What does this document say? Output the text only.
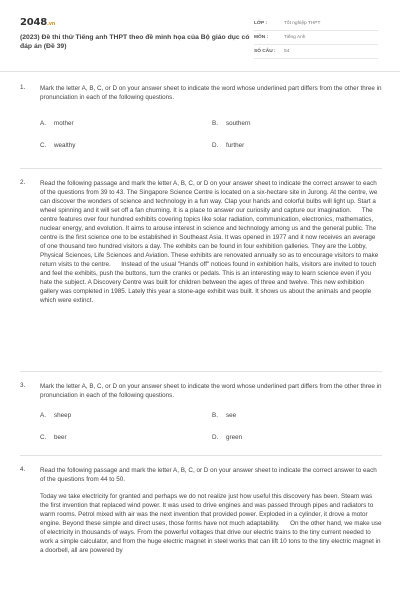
2048.vn
(2023) Đề thi thử Tiếng anh THPT theo đề minh họa của Bộ giáo dục có đáp án (Đề 39)
LỚP :	Tốt nghiệp THPT
MÔN :	Tiếng Anh
SỐ CÂU :	54
1. Mark the letter A, B, C, or D on your answer sheet to indicate the word whose underlined part differs from the other three in pronunciation in each of the following questions.
A.	mother	B.	southern
C.	wealthy	D.	further
2. Read the following passage and mark the letter A, B, C, or D on your answer sheet to indicate the correct answer to each of the questions from 39 to 43. The Singapore Science Centre is located on a six-hectare site in Jurong. At the centre, we can discover the wonders of science and technology in a fun way. Clap your hands and colorful bulbs will light up. Start a wheel spinning and it will set off a fan churning. It is a place to answer our curiosity and capture our imagination.      The centre features over four hundred exhibits covering topics like solar radiation, communication, electronics, mathematics, nuclear energy, and evolution. It aims to arouse interest in science and technology among us and the general public. The centre is the first science one to be established in Southeast Asia. It was opened in 1977 and it now receives an average of one thousand two hundred visitors a day. The exhibits can be found in four exhibition galleries. They are the Lobby, Physical Sciences, Life Sciences and Aviation. These exhibits are renovated annually so as to encourage visitors to make return visits to the centre.      Instead of the usual "Hands off" notices found in exhibition halls, visitors are invited to touch and feel the exhibits, push the buttons, turn the cranks or pedals. This is an interesting way to learn science even if you hate the subject. A Discovery Centre was built for children between the ages of three and twelve. This new exhibition gallery was completed in 1985. Lately this year a stone-age exhibit was built. It shows us about the animals and people which were extinct.
3. Mark the letter A, B, C, or D on your answer sheet to indicate the word whose underlined part differs from the other three in pronunciation in each of the following questions.
A.	sheep	B.	see
C.	beer	D.	green
4. Read the following passage and mark the letter A, B, C, or D on your answer sheet to indicate the correct answer to each of the questions from 44 to 50.
Today we take electricity for granted and perhaps we do not realize just how useful this discovery has been. Steam was the first invention that replaced wind power. It was used to drive engines and was passed through pipes and radiators to warm rooms. Petrol mixed with air was the next invention that provided power. Exploded in a cylinder, it drove a motor engine. Beyond these simple and direct uses, those forms have not much adaptability.      On the other hand, we make use of electricity in thousands of ways. From the powerful voltages that drive our electric trains to the tiny current needed to work a simple calculator, and from the huge electric magnet in steel works that can lift 10 tons to the tiny electric magnet in a doorbell, all are powered by
